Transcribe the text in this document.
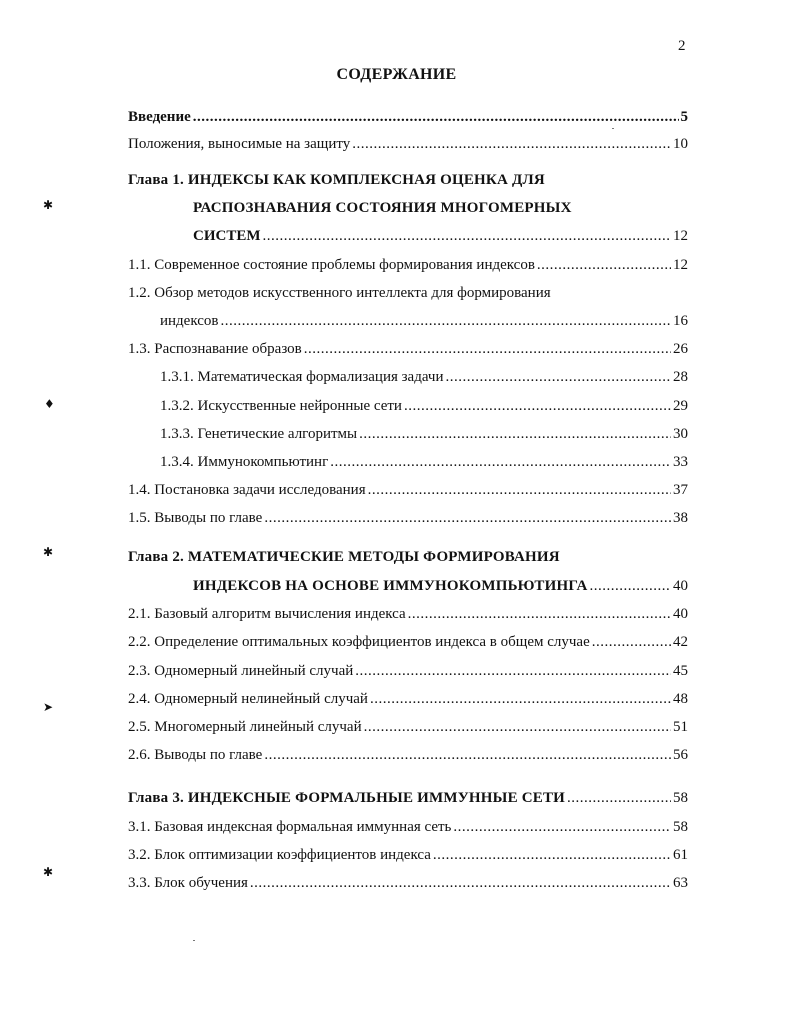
2
СОДЕРЖАНИЕ
Введение .....	5
Положения, выносимые на защиту .....	10
Глава 1. ИНДЕКСЫ КАК КОМПЛЕКСНАЯ ОЦЕНКА ДЛЯ
РАСПОЗНАВАНИЯ СОСТОЯНИЯ МНОГОМЕРНЫХ
СИСТЕМ .....	12
1.1. Современное состояние проблемы формирования индексов .....	12
1.2. Обзор методов искусственного интеллекта для формирования
индексов .....	16
1.3. Распознавание образов .....	26
1.3.1. Математическая формализация задачи .....	28
1.3.2. Искусственные нейронные сети .....	29
1.3.3. Генетические алгоритмы .....	30
1.3.4. Иммунокомпьютинг .....	33
1.4. Постановка задачи исследования .....	37
1.5. Выводы по главе .....	38
Глава 2. МАТЕМАТИЧЕСКИЕ МЕТОДЫ ФОРМИРОВАНИЯ
ИНДЕКСОВ НА ОСНОВЕ ИММУНОКОМПЬЮТИНГА .....	40
2.1. Базовый алгоритм вычисления индекса .....	40
2.2. Определение оптимальных коэффициентов индекса в общем случае .....	42
2.3. Одномерный линейный случай .....	45
2.4. Одномерный нелинейный случай .....	48
2.5. Многомерный линейный случай .....	51
2.6. Выводы по главе .....	56
Глава 3. ИНДЕКСНЫЕ ФОРМАЛЬНЫЕ ИММУННЫЕ СЕТИ .....	58
3.1. Базовая индексная формальная иммунная сеть .....	58
3.2. Блок оптимизации коэффициентов индекса .....	61
3.3. Блок обучения .....	63
✱
♦
✱
➤
✱
